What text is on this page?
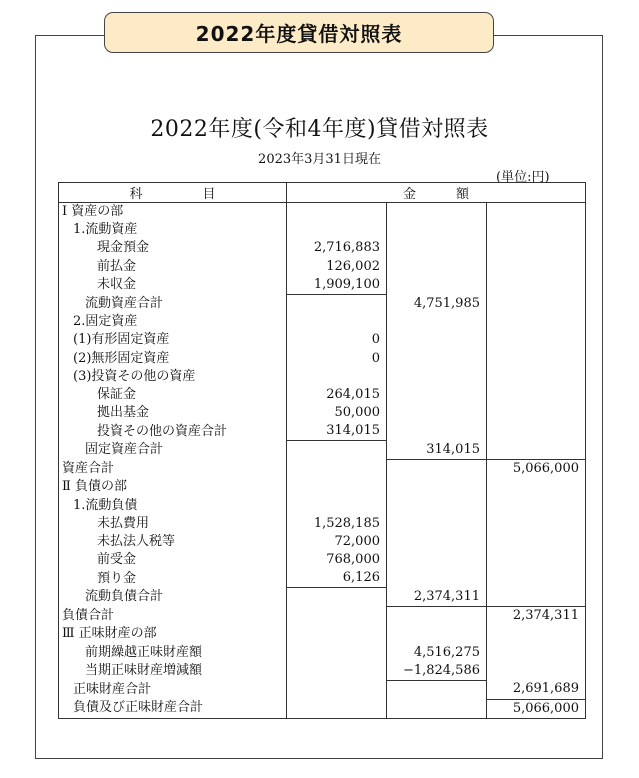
2022年度貸借対照表
2022年度(令和4年度)貸借対照表
2023年3月31日現在
(単位:円)
科 目	金 額		
Ⅰ 資産の部			
1.流動資産			
現金預金	2,716,883		
前払金	126,002		
未収金	1,909,100		
流動資産合計		4,751,985	
2.固定資産			
(1)有形固定資産	0		
(2)無形固定資産	0		
(3)投資その他の資産			
保証金	264,015		
拠出基金	50,000		
投資その他の資産合計	314,015		
固定資産合計		314,015	
資産合計			5,066,000
Ⅱ 負債の部			
1.流動負債			
未払費用	1,528,185		
未払法人税等	72,000		
前受金	768,000		
預り金	6,126		
流動負債合計		2,374,311	
負債合計			2,374,311
Ⅲ 正味財産の部			
前期繰越正味財産額		4,516,275	
当期正味財産増減額		−1,824,586	
正味財産合計			2,691,689
負債及び正味財産合計			5,066,000
